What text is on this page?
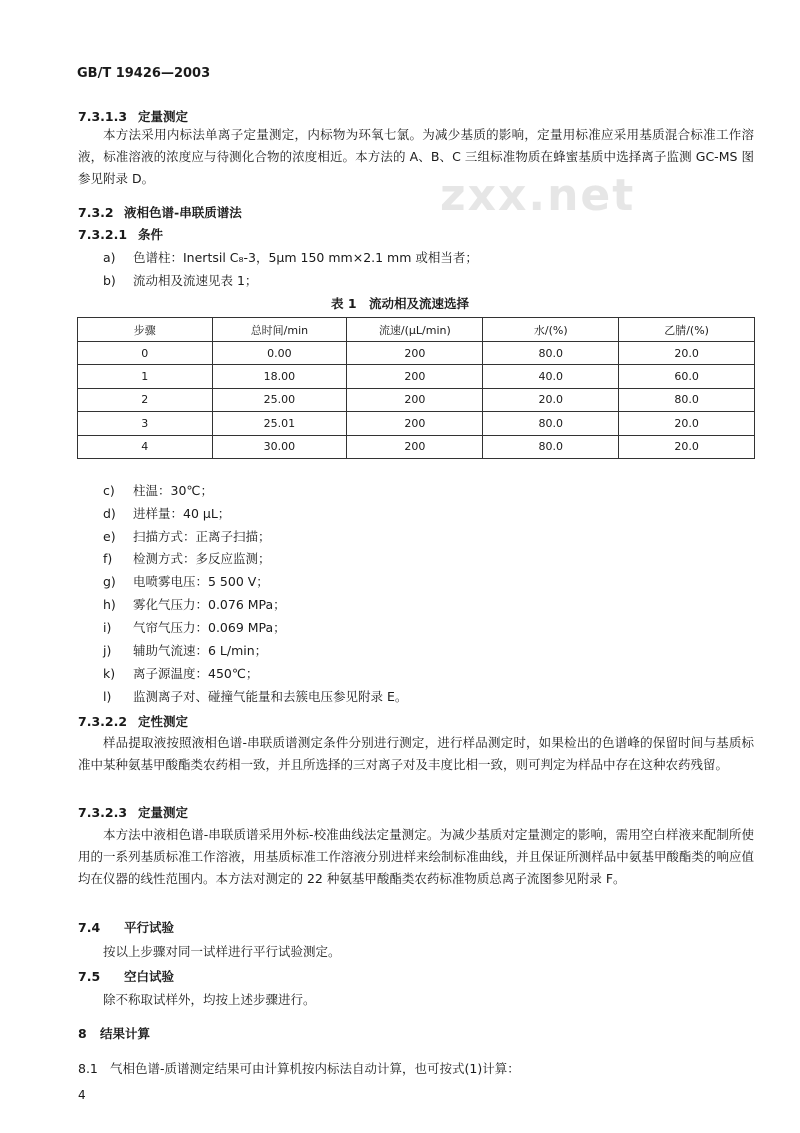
zxx.net
GB/T 19426—2003
7.3.1.3 定量测定

本方法采用内标法单离子定量测定，内标物为环氧七氯。为减少基质的影响，定量用标准应采用基质混合标准工作溶液，标准溶液的浓度应与待测化合物的浓度相近。本方法的 A、B、C 三组标准物质在蜂蜜基质中选择离子监测 GC-MS 图参见附录 D。

7.3.2 液相色谱-串联质谱法
7.3.2.1 条件
a) 色谱柱：Inertsil C₈-3，5μm 150 mm×2.1 mm 或相当者；
b) 流动相及流速见表 1；
表 1　流动相及流速选择
步骤	总时间/min	流速/(μL/min)	水/(%)	乙腈/(%)
0	0.00	200	80.0	20.0
1	18.00	200	40.0	60.0
2	25.00	200	20.0	80.0
3	25.01	200	80.0	20.0
4	30.00	200	80.0	20.0
c) 柱温：30℃；
d) 进样量：40 μL；
e) 扫描方式：正离子扫描；
f) 检测方式：多反应监测；
g) 电喷雾电压：5 500 V；
h) 雾化气压力：0.076 MPa；
i) 气帘气压力：0.069 MPa；
j) 辅助气流速：6 L/min；
k) 离子源温度：450℃；
l) 监测离子对、碰撞气能量和去簇电压参见附录 E。
7.3.2.2 定性测定

样品提取液按照液相色谱-串联质谱测定条件分别进行测定，进行样品测定时，如果检出的色谱峰的保留时间与基质标准中某种氨基甲酸酯类农药相一致，并且所选择的三对离子对及丰度比相一致，则可判定为样品中存在这种农药残留。

7.3.2.3 定量测定

本方法中液相色谱-串联质谱采用外标-校准曲线法定量测定。为减少基质对定量测定的影响，需用空白样液来配制所使用的一系列基质标准工作溶液，用基质标准工作溶液分别进样来绘制标准曲线，并且保证所测样品中氨基甲酸酯类的响应值均在仪器的线性范围内。本方法对测定的 22 种氨基甲酸酯类农药标准物质总离子流图参见附录 F。

7.4 平行试验
按以上步骤对同一试样进行平行试验测定。
7.5 空白试验
除不称取试样外，均按上述步骤进行。
8 结果计算
8.1 气相色谱-质谱测定结果可由计算机按内标法自动计算，也可按式(1)计算：
4
